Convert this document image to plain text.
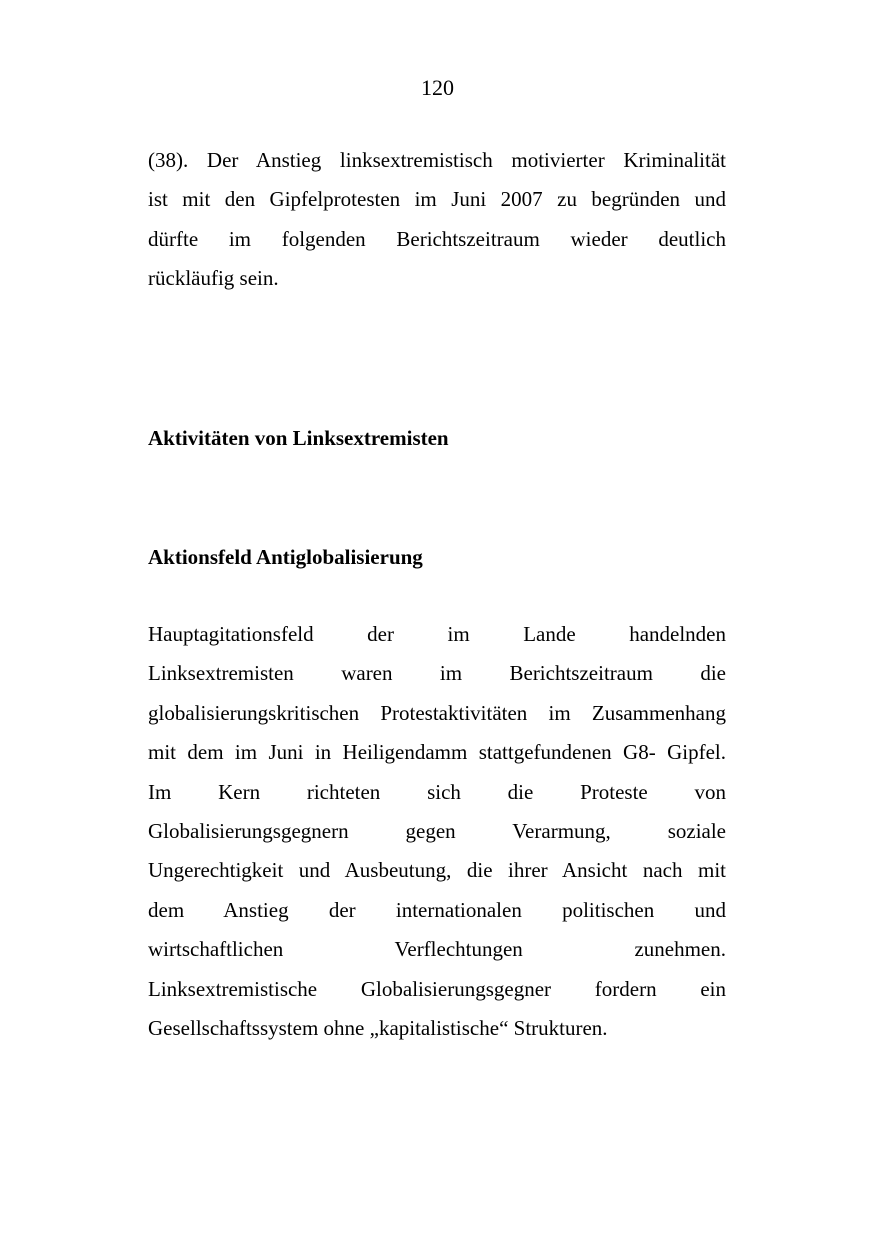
120
(38). Der Anstieg linksextremistisch motivierter Kriminalität
ist mit den Gipfelprotesten im Juni 2007 zu begründen und
dürfte im folgenden Berichtszeitraum wieder deutlich
rückläufig sein.
Aktivitäten von Linksextremisten
Aktionsfeld Antiglobalisierung
Hauptagitationsfeld der im Lande handelnden
Linksextremisten waren im Berichtszeitraum die
globalisierungskritischen Protestaktivitäten im Zusammenhang
mit dem im Juni in Heiligendamm stattgefundenen G8- Gipfel.
Im Kern richteten sich die Proteste von
Globalisierungsgegnern gegen Verarmung, soziale
Ungerechtigkeit und Ausbeutung, die ihrer Ansicht nach mit
dem Anstieg der internationalen politischen und
wirtschaftlichen Verflechtungen zunehmen.
Linksextremistische Globalisierungsgegner fordern ein
Gesellschaftssystem ohne „kapitalistische“ Strukturen.
